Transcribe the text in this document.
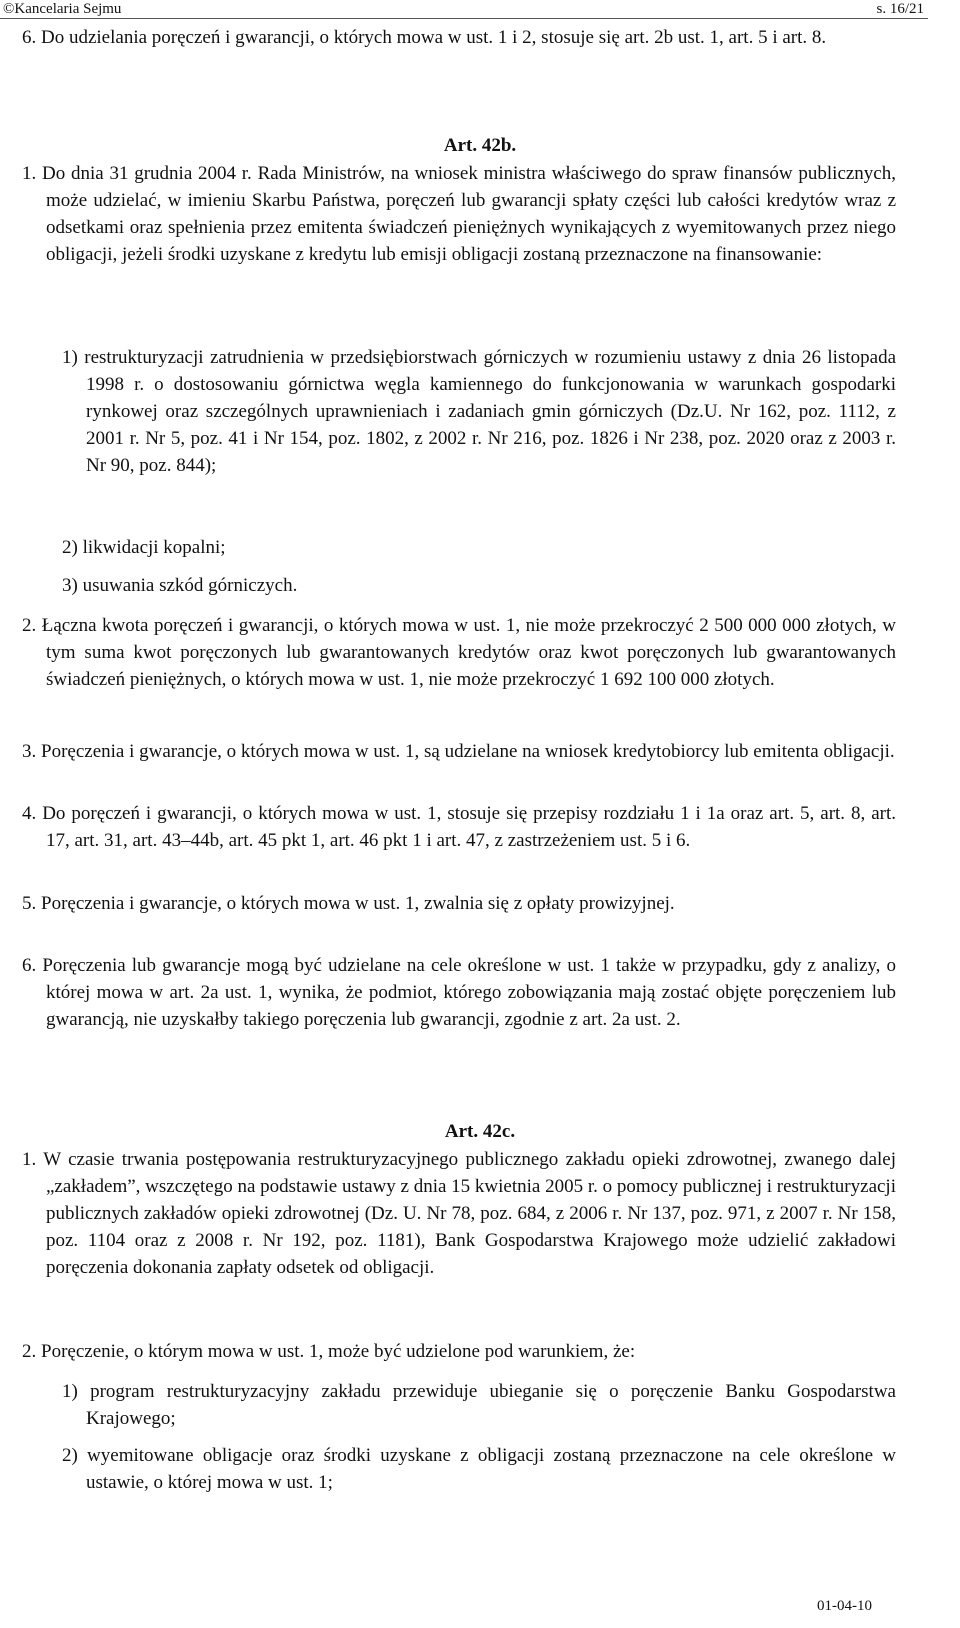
©Kancelaria Sejmu	s. 16/21
6. Do udzielania poręczeń i gwarancji, o których mowa w ust. 1 i 2, stosuje się art. 2b ust. 1, art. 5 i art. 8.
Art. 42b.
1. Do dnia 31 grudnia 2004 r. Rada Ministrów, na wniosek ministra właściwego do spraw finansów publicznych, może udzielać, w imieniu Skarbu Państwa, poręczeń lub gwarancji spłaty części lub całości kredytów wraz z odsetkami oraz spełnienia przez emitenta świadczeń pieniężnych wynikających z wyemitowanych przez niego obligacji, jeżeli środki uzyskane z kredytu lub emisji obligacji zostaną przeznaczone na finansowanie:
1) restrukturyzacji zatrudnienia w przedsiębiorstwach górniczych w rozumieniu ustawy z dnia 26 listopada 1998 r. o dostosowaniu górnictwa węgla kamiennego do funkcjonowania w warunkach gospodarki rynkowej oraz szczególnych uprawnieniach i zadaniach gmin górniczych (Dz.U. Nr 162, poz. 1112, z 2001 r. Nr 5, poz. 41 i Nr 154, poz. 1802, z 2002 r. Nr 216, poz. 1826 i Nr 238, poz. 2020 oraz z 2003 r. Nr 90, poz. 844);
2) likwidacji kopalni;
3) usuwania szkód górniczych.
2. Łączna kwota poręczeń i gwarancji, o których mowa w ust. 1, nie może przekroczyć 2 500 000 000 złotych, w tym suma kwot poręczonych lub gwarantowanych kredytów oraz kwot poręczonych lub gwarantowanych świadczeń pieniężnych, o których mowa w ust. 1, nie może przekroczyć 1 692 100 000 złotych.
3. Poręczenia i gwarancje, o których mowa w ust. 1, są udzielane na wniosek kredytobiorcy lub emitenta obligacji.
4. Do poręczeń i gwarancji, o których mowa w ust. 1, stosuje się przepisy rozdziału 1 i 1a oraz art. 5, art. 8, art. 17, art. 31, art. 43–44b, art. 45 pkt 1, art. 46 pkt 1 i art. 47, z zastrzeżeniem ust. 5 i 6.
5. Poręczenia i gwarancje, o których mowa w ust. 1, zwalnia się z opłaty prowizyjnej.
6. Poręczenia lub gwarancje mogą być udzielane na cele określone w ust. 1 także w przypadku, gdy z analizy, o której mowa w art. 2a ust. 1, wynika, że podmiot, którego zobowiązania mają zostać objęte poręczeniem lub gwarancją, nie uzyskałby takiego poręczenia lub gwarancji, zgodnie z art. 2a ust. 2.
Art. 42c.
1. W czasie trwania postępowania restrukturyzacyjnego publicznego zakładu opieki zdrowotnej, zwanego dalej „zakładem”, wszczętego na podstawie ustawy z dnia 15 kwietnia 2005 r. o pomocy publicznej i restrukturyzacji publicznych zakładów opieki zdrowotnej (Dz. U. Nr 78, poz. 684, z 2006 r. Nr 137, poz. 971, z 2007 r. Nr 158, poz. 1104 oraz z 2008 r. Nr 192, poz. 1181), Bank Gospodarstwa Krajowego może udzielić zakładowi poręczenia dokonania zapłaty odsetek od obligacji.
2. Poręczenie, o którym mowa w ust. 1, może być udzielone pod warunkiem, że:
1) program restrukturyzacyjny zakładu przewiduje ubieganie się o poręczenie Banku Gospodarstwa Krajowego;
2) wyemitowane obligacje oraz środki uzyskane z obligacji zostaną przeznaczone na cele określone w ustawie, o której mowa w ust. 1;
01-04-10
